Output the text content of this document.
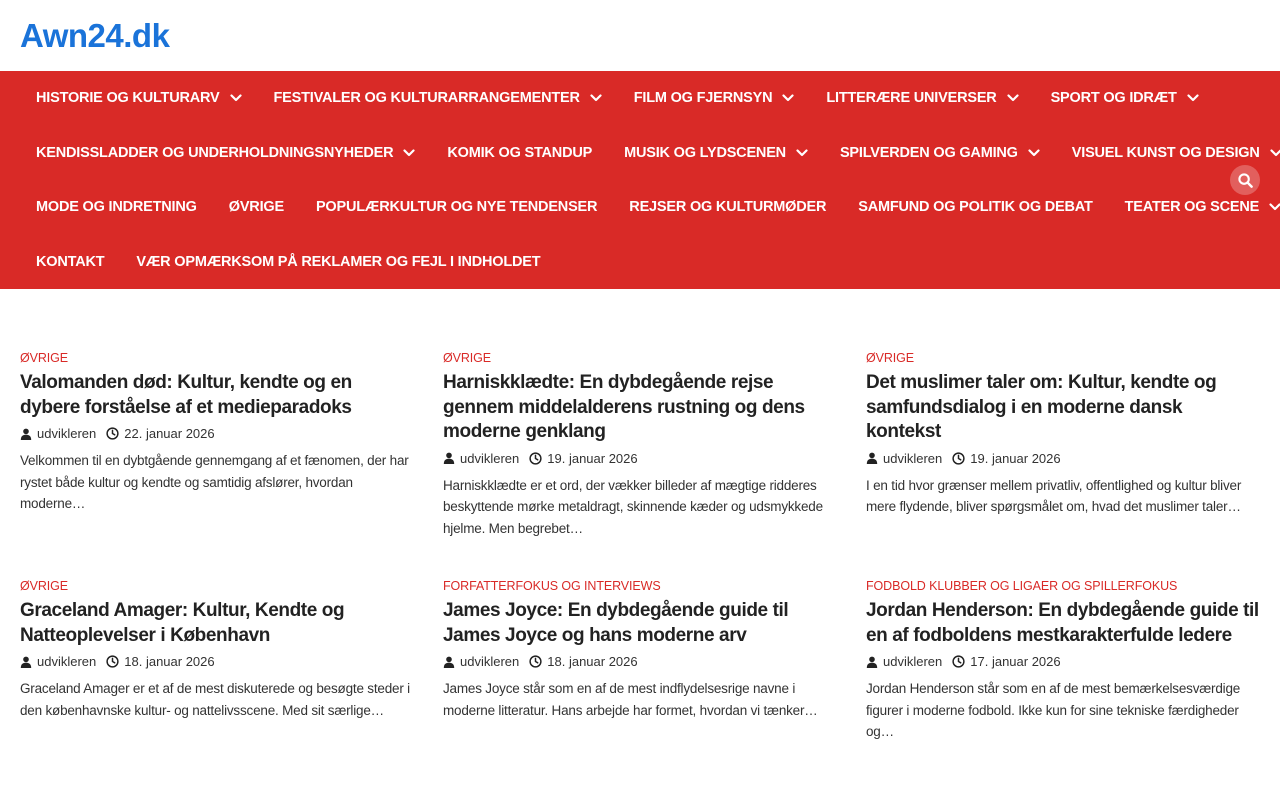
Awn24.dk
HISTORIE OG KULTURARV	FESTIVALER OG KULTURARRANGEMENTER	FILM OG FJERNSYN	LITTERÆRE UNIVERSER	SPORT OG IDRÆT
KENDISSLADDER OG UNDERHOLDNINGSNYHEDER	KOMIK OG STANDUP MUSIK OG LYDSCENEN	SPILVERDEN OG GAMING	VISUEL KUNST OG DESIGN
MODE OG INDRETNING ØVRIGE POPULÆRKULTUR OG NYE TENDENSER REJSER OG KULTURMØDER SAMFUND OG POLITIK OG DEBAT TEATER OG SCENE
KONTAKT VÆR OPMÆRKSOM PÅ REKLAMER OG FEJL I INDHOLDET
ØVRIGE
Valomanden død: Kultur, kendte og en dybere forståelse af et medieparadoks
udvikleren 22. januar 2026

Velkommen til en dybtgående gennemgang af et fænomen, der har rystet både kultur og kendte og samtidig afslører, hvordan moderne…

ØVRIGE
Harniskklædte: En dybdegående rejse gennem middelalderens rustning og dens moderne genklang
udvikleren 19. januar 2026

Harniskklædte er et ord, der vækker billeder af mægtige ridderes beskyttende mørke metaldragt, skinnende kæder og udsmykkede hjelme. Men begrebet…

ØVRIGE
Det muslimer taler om: Kultur, kendte og samfundsdialog i en moderne dansk kontekst
udvikleren 19. januar 2026

I en tid hvor grænser mellem privatliv, offentlighed og kultur bliver mere flydende, bliver spørgsmålet om, hvad det muslimer taler…

ØVRIGE
Graceland Amager: Kultur, Kendte og Natteoplevelser i København
udvikleren 18. januar 2026

Graceland Amager er et af de mest diskuterede og besøgte steder i den københavnske kultur- og nattelivsscene. Med sit særlige…

FORFATTERFOKUS OG INTERVIEWS
James Joyce: En dybdegående guide til James Joyce og hans moderne arv
udvikleren 18. januar 2026

James Joyce står som en af de mest indflydelsesrige navne i moderne litteratur. Hans arbejde har formet, hvordan vi tænker…

FODBOLD KLUBBER OG LIGAER OG SPILLERFOKUS
Jordan Henderson: En dybdegående guide til en af fodboldens mestkarakterfulde ledere
udvikleren 17. januar 2026

Jordan Henderson står som en af de mest bemærkelsesværdige figurer i moderne fodbold. Ikke kun for sine tekniske færdigheder og…
